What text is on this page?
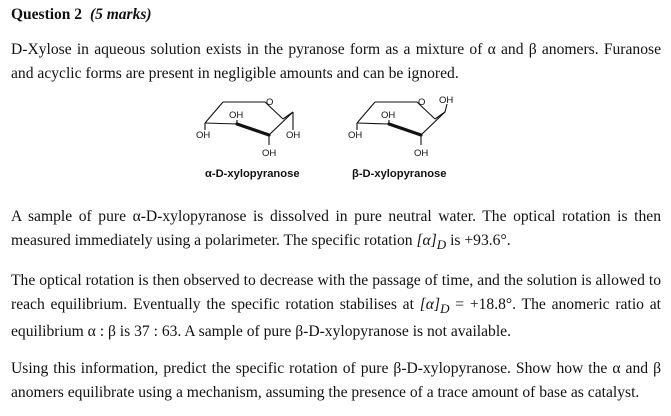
Question 2 (5 marks)
D-Xylose in aqueous solution exists in the pyranose form as a mixture of α and β anomers. Furanose and acyclic forms are present in negligible amounts and can be ignored.
O
OH
OH
OH
OH
O OH
OH
OH
OH
α-D-xylopyranose	β-D-xylopyranose
A sample of pure α-D-xylopyranose is dissolved in pure neutral water. The optical rotation is then measured immediately using a polarimeter. The specific rotation $[\alpha]_D$ is +93.6°.
The optical rotation is then observed to decrease with the passage of time, and the solution is allowed to reach equilibrium. Eventually the specific rotation stabilises at $[\alpha]_D = +18.8^\circ$. The anomeric ratio at equilibrium α : β is 37 : 63. A sample of pure β-D-xylopyranose is not available.
Using this information, predict the specific rotation of pure β-D-xylopyranose. Show how the α and β anomers equilibrate using a mechanism, assuming the presence of a trace amount of base as catalyst.
